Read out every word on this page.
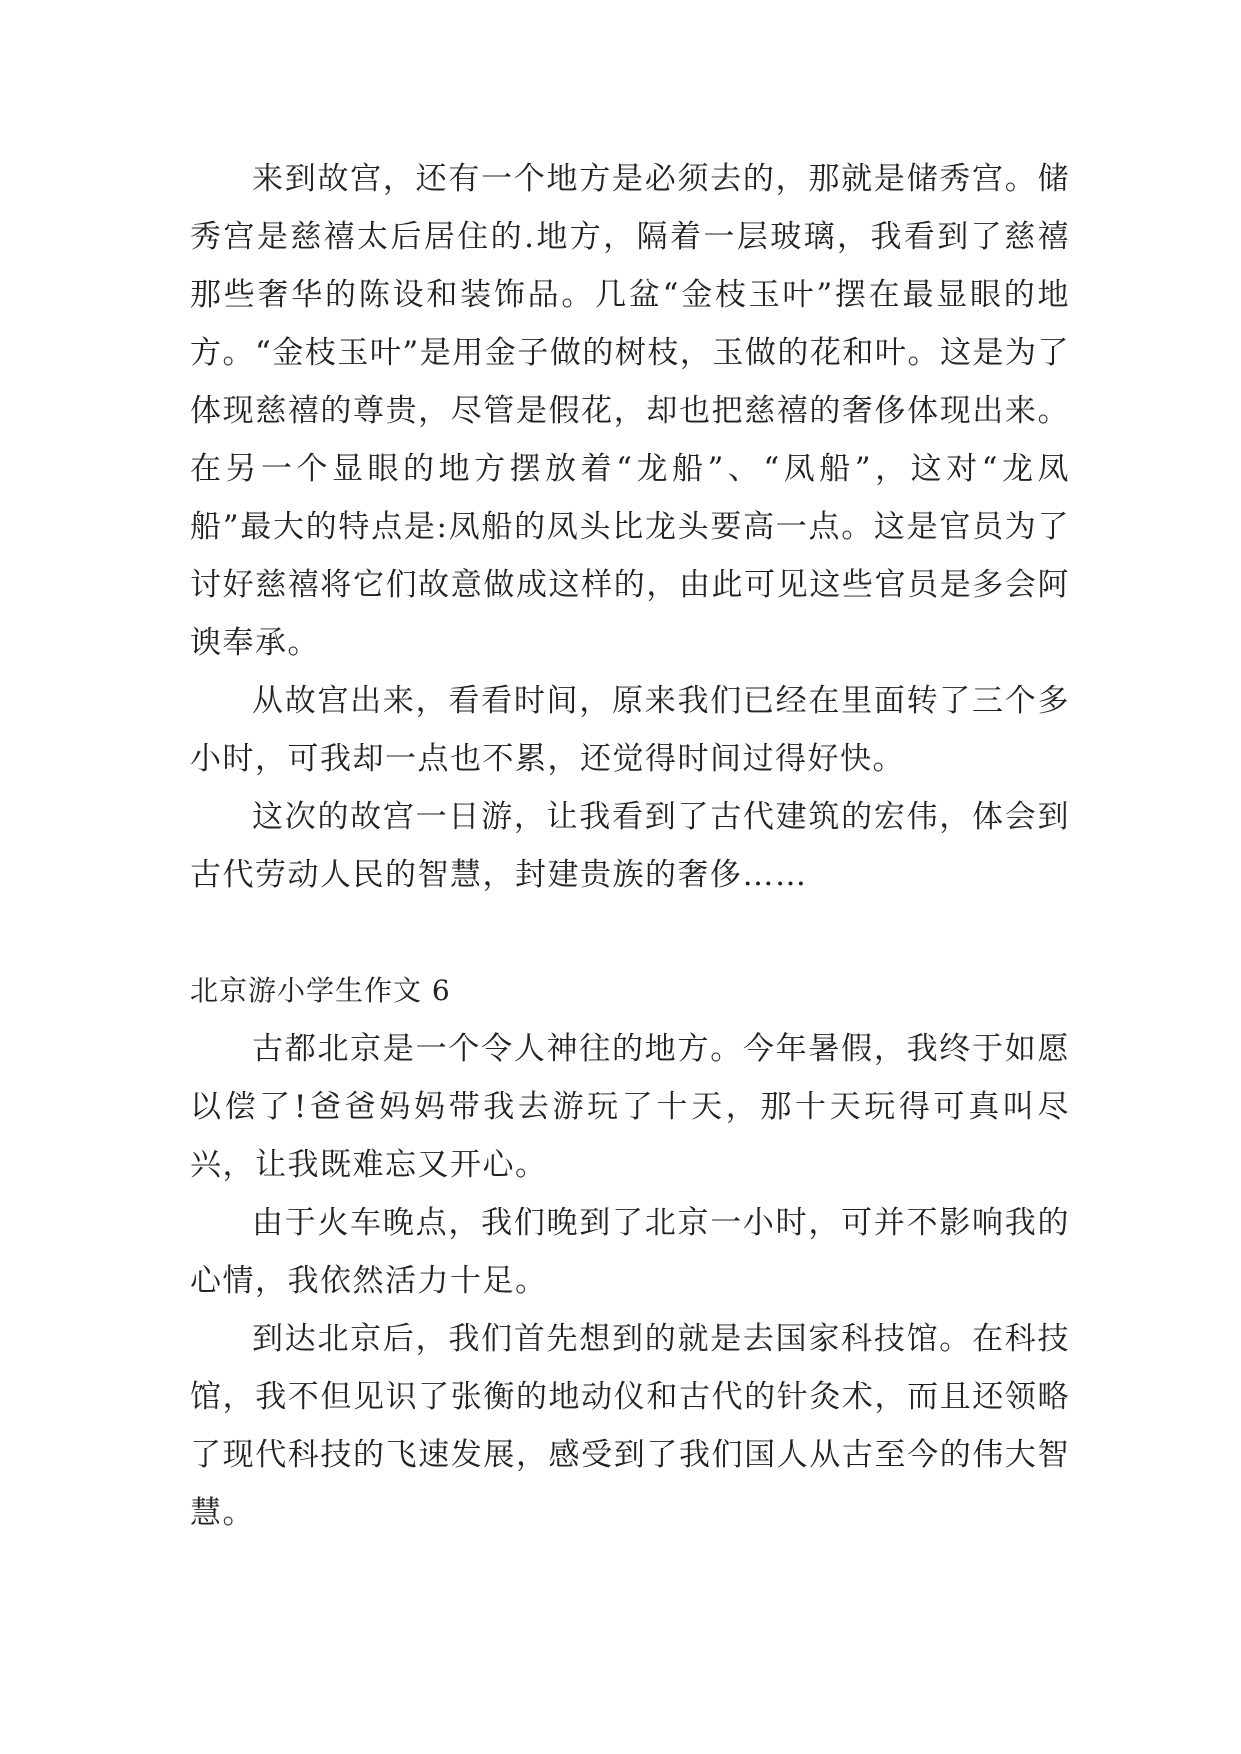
来到故宫，还有一个地方是必须去的，那就是储秀宫。储秀宫是慈禧太后居住的.地方，隔着一层玻璃，我看到了慈禧那些奢华的陈设和装饰品。几盆“金枝玉叶”摆在最显眼的地方。“金枝玉叶”是用金子做的树枝，玉做的花和叶。这是为了体现慈禧的尊贵，尽管是假花，却也把慈禧的奢侈体现出来。在另一个显眼的地方摆放着“龙船”、“凤船”，这对“龙凤船”最大的特点是:凤船的凤头比龙头要高一点。这是官员为了讨好慈禧将它们故意做成这样的，由此可见这些官员是多会阿谀奉承。

从故宫出来，看看时间，原来我们已经在里面转了三个多小时，可我却一点也不累，还觉得时间过得好快。

这次的故宫一日游，让我看到了古代建筑的宏伟，体会到古代劳动人民的智慧，封建贵族的奢侈……

北京游小学生作文 6

古都北京是一个令人神往的地方。今年暑假，我终于如愿以偿了!爸爸妈妈带我去游玩了十天，那十天玩得可真叫尽兴，让我既难忘又开心。

由于火车晚点，我们晚到了北京一小时，可并不影响我的心情，我依然活力十足。

到达北京后，我们首先想到的就是去国家科技馆。在科技馆，我不但见识了张衡的地动仪和古代的针灸术，而且还领略了现代科技的飞速发展，感受到了我们国人从古至今的伟大智慧。
